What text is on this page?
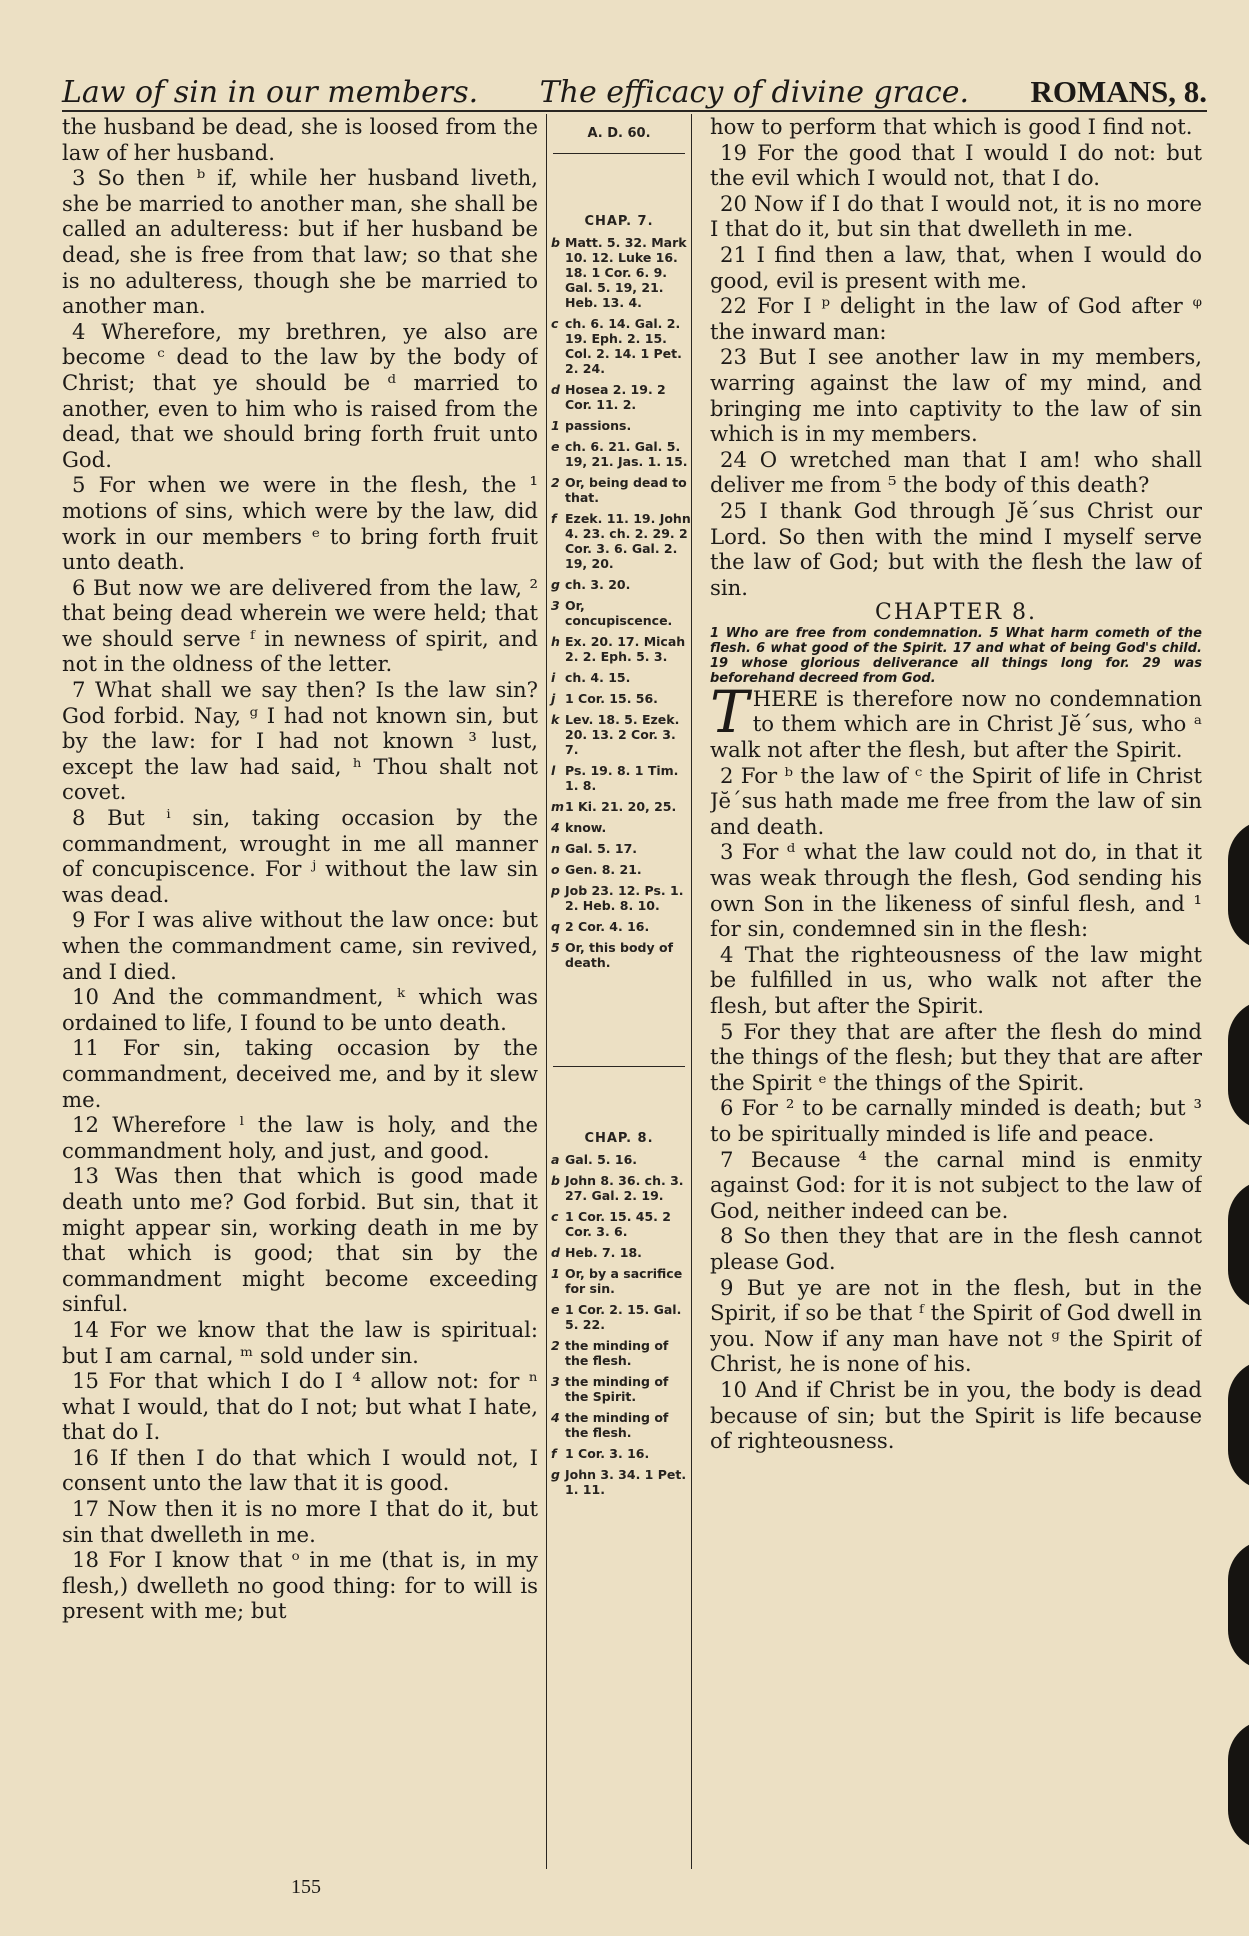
Law of sin in our members. The efficacy of divine grace. ROMANS, 8.

the husband be dead, she is loosed from the law of her husband.

3 So then ᵇ if, while her husband liveth, she be married to another man, she shall be called an adulteress: but if her husband be dead, she is free from that law; so that she is no adulteress, though she be married to another man.

4 Wherefore, my brethren, ye also are become ᶜ dead to the law by the body of Christ; that ye should be ᵈ married to another, even to him who is raised from the dead, that we should bring forth fruit unto God.

5 For when we were in the flesh, the ¹ motions of sins, which were by the law, did work in our members ᵉ to bring forth fruit unto death.

6 But now we are delivered from the law, ² that being dead wherein we were held; that we should serve ᶠ in newness of spirit, and not in the oldness of the letter.

7 What shall we say then? Is the law sin? God forbid. Nay, ᵍ I had not known sin, but by the law: for I had not known ³ lust, except the law had said, ʰ Thou shalt not covet.

8 But ⁱ sin, taking occasion by the commandment, wrought in me all manner of concupiscence. For ʲ without the law sin was dead.

9 For I was alive without the law once: but when the commandment came, sin revived, and I died.

10 And the commandment, ᵏ which was ordained to life, I found to be unto death.

11 For sin, taking occasion by the commandment, deceived me, and by it slew me.

12 Wherefore ˡ the law is holy, and the commandment holy, and just, and good.

13 Was then that which is good made death unto me? God forbid. But sin, that it might appear sin, working death in me by that which is good; that sin by the commandment might become exceeding sinful.

14 For we know that the law is spiritual: but I am carnal, ᵐ sold under sin.

15 For that which I do I ⁴ allow not: for ⁿ what I would, that do I not; but what I hate, that do I.

16 If then I do that which I would not, I consent unto the law that it is good.

17 Now then it is no more I that do it, but sin that dwelleth in me.

18 For I know that ᵒ in me (that is, in my flesh,) dwelleth no good thing: for to will is present with me; but

A. D. 60.
CHAP. 7.
b Matt. 5. 32. Mark 10. 12. Luke 16. 18. 1 Cor. 6. 9. Gal. 5. 19, 21. Heb. 13. 4.
c ch. 6. 14. Gal. 2. 19. Eph. 2. 15. Col. 2. 14. 1 Pet. 2. 24.
d Hosea 2. 19. 2 Cor. 11. 2.
1 passions.
e ch. 6. 21. Gal. 5. 19, 21. Jas. 1. 15.
2 Or, being dead to that.
f Ezek. 11. 19. John 4. 23. ch. 2. 29. 2 Cor. 3. 6. Gal. 2. 19, 20.
g ch. 3. 20.
3 Or, concupiscence.
h Ex. 20. 17. Micah 2. 2. Eph. 5. 3.
i ch. 4. 15.
j 1 Cor. 15. 56.
k Lev. 18. 5. Ezek. 20. 13. 2 Cor. 3. 7.
l Ps. 19. 8. 1 Tim. 1. 8.
m1 Ki. 21. 20, 25.
4 know.
n Gal. 5. 17.
o Gen. 8. 21.
p Job 23. 12. Ps. 1. 2. Heb. 8. 10.
q 2 Cor. 4. 16.
5 Or, this body of death.
CHAP. 8.
a Gal. 5. 16.
b John 8. 36. ch. 3. 27. Gal. 2. 19.
c 1 Cor. 15. 45. 2 Cor. 3. 6.
d Heb. 7. 18.
1 Or, by a sacrifice for sin.
e 1 Cor. 2. 15. Gal. 5. 22.
2 the minding of the flesh.
3 the minding of the Spirit.
4 the minding of the flesh.
f 1 Cor. 3. 16.
g John 3. 34. 1 Pet. 1. 11.

how to perform that which is good I find not.

19 For the good that I would I do not: but the evil which I would not, that I do.

20 Now if I do that I would not, it is no more I that do it, but sin that dwelleth in me.

21 I find then a law, that, when I would do good, evil is present with me.

22 For I ᵖ delight in the law of God after ᵠ the inward man:

23 But I see another law in my members, warring against the law of my mind, and bringing me into captivity to the law of sin which is in my members.

24 O wretched man that I am! who shall deliver me from ⁵ the body of this death?

25 I thank God through Jĕ´sus Christ our Lord. So then with the mind I myself serve the law of God; but with the flesh the law of sin.

CHAPTER 8.

1 Who are free from condemnation. 5 What harm cometh of the flesh. 6 what good of the Spirit. 17 and what of being God's child. 19 whose glorious deliverance all things long for. 29 was beforehand decreed from God.

THERE is therefore now no condemnation to them which are in Christ Jĕ´sus, who ᵃ walk not after the flesh, but after the Spirit.

2 For ᵇ the law of ᶜ the Spirit of life in Christ Jĕ´sus hath made me free from the law of sin and death.

3 For ᵈ what the law could not do, in that it was weak through the flesh, God sending his own Son in the likeness of sinful flesh, and ¹ for sin, condemned sin in the flesh:

4 That the righteousness of the law might be fulfilled in us, who walk not after the flesh, but after the Spirit.

5 For they that are after the flesh do mind the things of the flesh; but they that are after the Spirit ᵉ the things of the Spirit.

6 For ² to be carnally minded is death; but ³ to be spiritually minded is life and peace.

7 Because ⁴ the carnal mind is enmity against God: for it is not subject to the law of God, neither indeed can be.

8 So then they that are in the flesh cannot please God.

9 But ye are not in the flesh, but in the Spirit, if so be that ᶠ the Spirit of God dwell in you. Now if any man have not ᵍ the Spirit of Christ, he is none of his.

10 And if Christ be in you, the body is dead because of sin; but the Spirit is life because of righteousness.

155
